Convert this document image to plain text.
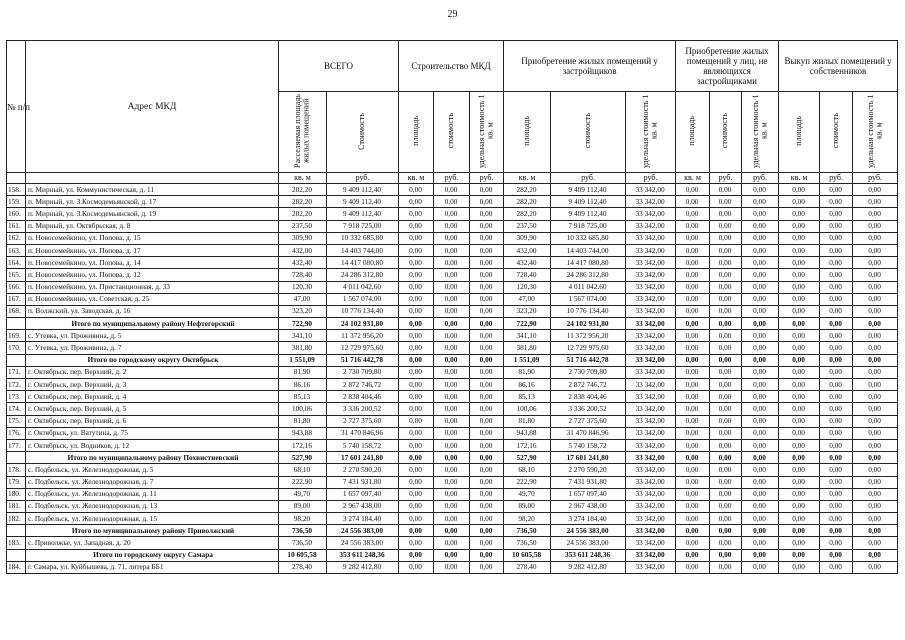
29
№ п/п	Адрес МКД	ВСЕГО		Строительство МКД			Приобретение жилых помещений у застройщиков			Приобретение жилых помещений у лиц, не являющихся застройщиками			Выкуп жилых помещений у собственников		
		Расселяемая площадь жилых помещений	Стоимость	площадь	стоимость	удельная стоимость 1 кв. м	площадь	стоимость	удельная стоимость 1 кв. м	площадь	стоимость	удельная стоимость 1 кв. м	площадь	стоимость	удельная стоимость 1 кв. м
		кв. м	руб.	кв. м	руб.	руб.	кв. м	руб.	руб.	кв. м	руб.	руб.	кв. м	руб.	руб.
158.	п. Мирный, ул. Коммунистическая, д. 11	282,20	9 409 112,40	0,00	0,00	0,00	282,20	9 409 112,40	33 342,00	0,00	0,00	0,00	0,00	0,00	0,00
159.	п. Мирный, ул. З.Космодемьянской, д. 17	282,20	9 409 112,40	0,00	0,00	0,00	282,20	9 409 112,40	33 342,00	0,00	0,00	0,00	0,00	0,00	0,00
160.	п. Мирный, ул. З.Космодемьянской, д. 19	282,20	9 409 112,40	0,00	0,00	0,00	282,20	9 409 112,40	33 342,00	0,00	0,00	0,00	0,00	0,00	0,00
161.	п. Мирный, ул. Октябрьская, д. 8	237,50	7 918 725,00	0,00	0,00	0,00	237,50	7 918 725,00	33 342,00	0,00	0,00	0,00	0,00	0,00	0,00
162.	п. Новосемейкино, ул. Попова, д. 15	309,90	10 332 685,80	0,00	0,00	0,00	309,90	10 332 685,80	33 342,00	0,00	0,00	0,00	0,00	0,00	0,00
163.	п. Новосемейкино, ул. Попова, д. 17	432,00	14 403 744,00	0,00	0,00	0,00	432,00	14 403 744,00	33 342,00	0,00	0,00	0,00	0,00	0,00	0,00
164.	п. Новосемейкино, ул. Попова, д. 14	432,40	14 417 080,80	0,00	0,00	0,00	432,40	14 417 080,80	33 342,00	0,00	0,00	0,00	0,00	0,00	0,00
165.	п. Новосемейкино, ул. Попова, д. 12	728,40	24 286 312,80	0,00	0,00	0,00	728,40	24 286 312,80	33 342,00	0,00	0,00	0,00	0,00	0,00	0,00
166.	п. Новосемейкино, ул. Пристанционная, д. 33	120,30	4 011 042,60	0,00	0,00	0,00	120,30	4 011 042,60	33 342,00	0,00	0,00	0,00	0,00	0,00	0,00
167.	п. Новосемейкино, ул. Советская, д. 25	47,00	1 567 074,00	0,00	0,00	0,00	47,00	1 567 074,00	33 342,00	0,00	0,00	0,00	0,00	0,00	0,00
168.	п. Волжский, ул. Заводская, д. 16	323,20	10 776 134,40	0,00	0,00	0,00	323,20	10 776 134,40	33 342,00	0,00	0,00	0,00	0,00	0,00	0,00
	Итого по муниципальному району Нефтегорский	722,90	24 102 931,80	0,00	0,00	0,00	722,90	24 102 931,80	33 342,00	0,00	0,00	0,00	0,00	0,00	0,00
169.	с. Утевка, ул. Проживина, д. 5	341,10	11 372 956,20	0,00	0,00	0,00	341,10	11 372 956,20	33 342,00	0,00	0,00	0,00	0,00	0,00	0,00
170.	с. Утевка, ул. Проживина, д. 7	381,80	12 729 975,60	0,00	0,00	0,00	381,80	12 729 975,60	33 342,00	0,00	0,00	0,00	0,00	0,00	0,00
	Итого по городскому округу Октябрьск	1 551,09	51 716 442,78	0,00	0,00	0,00	1 551,09	51 716 442,78	33 342,00	0,00	0,00	0,00	0,00	0,00	0,00
171.	г. Октябрьск, пер. Верхний, д. 2	81,90	2 730 709,80	0,00	0,00	0,00	81,90	2 730 709,80	33 342,00	0,00	0,00	0,00	0,00	0,00	0,00
172.	г. Октябрьск, пер. Верхний, д. 3	86,16	2 872 746,72	0,00	0,00	0,00	86,16	2 872 746,72	33 342,00	0,00	0,00	0,00	0,00	0,00	0,00
173.	г. Октябрьск, пер. Верхний, д. 4	85,13	2 838 404,46	0,00	0,00	0,00	85,13	2 838 404,46	33 342,00	0,00	0,00	0,00	0,00	0,00	0,00
174.	г. Октябрьск, пер. Верхний, д. 5	100,06	3 336 200,52	0,00	0,00	0,00	100,06	3 336 200,52	33 342,00	0,00	0,00	0,00	0,00	0,00	0,00
175.	г. Октябрьск, пер. Верхний, д. 6	81,80	2 727 375,60	0,00	0,00	0,00	81,80	2 727 375,60	33 342,00	0,00	0,00	0,00	0,00	0,00	0,00
176.	г. Октябрьск, ул. Ватутина, д. 75	943,88	31 470 846,96	0,00	0,00	0,00	943,88	31 470 846,96	33 342,00	0,00	0,00	0,00	0,00	0,00	0,00
177.	г. Октябрьск, ул. Водников, д. 12	172,16	5 740 158,72	0,00	0,00	0,00	172,16	5 740 158,72	33 342,00	0,00	0,00	0,00	0,00	0,00	0,00
	Итого по муниципальному району Похвистневский	527,90	17 601 241,80	0,00	0,00	0,00	527,90	17 601 241,80	33 342,00	0,00	0,00	0,00	0,00	0,00	0,00
178.	с. Подбельск, ул. Железнодорожная, д. 5	68,10	2 270 590,20	0,00	0,00	0,00	68,10	2 270 590,20	33 342,00	0,00	0,00	0,00	0,00	0,00	0,00
179.	с. Подбельск, ул. Железнодорожная, д. 7	222,90	7 431 931,80	0,00	0,00	0,00	222,90	7 431 931,80	33 342,00	0,00	0,00	0,00	0,00	0,00	0,00
180.	с. Подбельск, ул. Железнодорожная, д. 11	49,70	1 657 097,40	0,00	0,00	0,00	49,70	1 657 097,40	33 342,00	0,00	0,00	0,00	0,00	0,00	0,00
181.	с. Подбельск, ул. Железнодорожная, д. 13	89,00	2 967 438,00	0,00	0,00	0,00	89,00	2 967 438,00	33 342,00	0,00	0,00	0,00	0,00	0,00	0,00
182.	с. Подбельск, ул. Железнодорожная, д. 15	98,20	3 274 184,40	0,00	0,00	0,00	98,20	3 274 184,40	33 342,00	0,00	0,00	0,00	0,00	0,00	0,00
	Итого по муниципальному району Приволжский	736,50	24 556 383,00	0,00	0,00	0,00	736,50	24 556 383,00	33 342,00	0,00	0,00	0,00	0,00	0,00	0,00
183.	с. Приволжье, ул. Западная, д. 20	736,50	24 556 383,00	0,00	0,00	0,00	736,50	24 556 383,00	33 342,00	0,00	0,00	0,00	0,00	0,00	0,00
	Итого по городскому округу Самара	10 605,58	353 611 248,36	0,00	0,00	0,00	10 605,58	353 611 248,36	33 342,00	0,00	0,00	0,00	0,00	0,00	0,00
184.	г. Самара, ул. Куйбышева, д. 71, литера ББ1	278,40	9 282 412,80	0,00	0,00	0,00	278,40	9 282 412,80	33 342,00	0,00	0,00	0,00	0,00	0,00	0,00
